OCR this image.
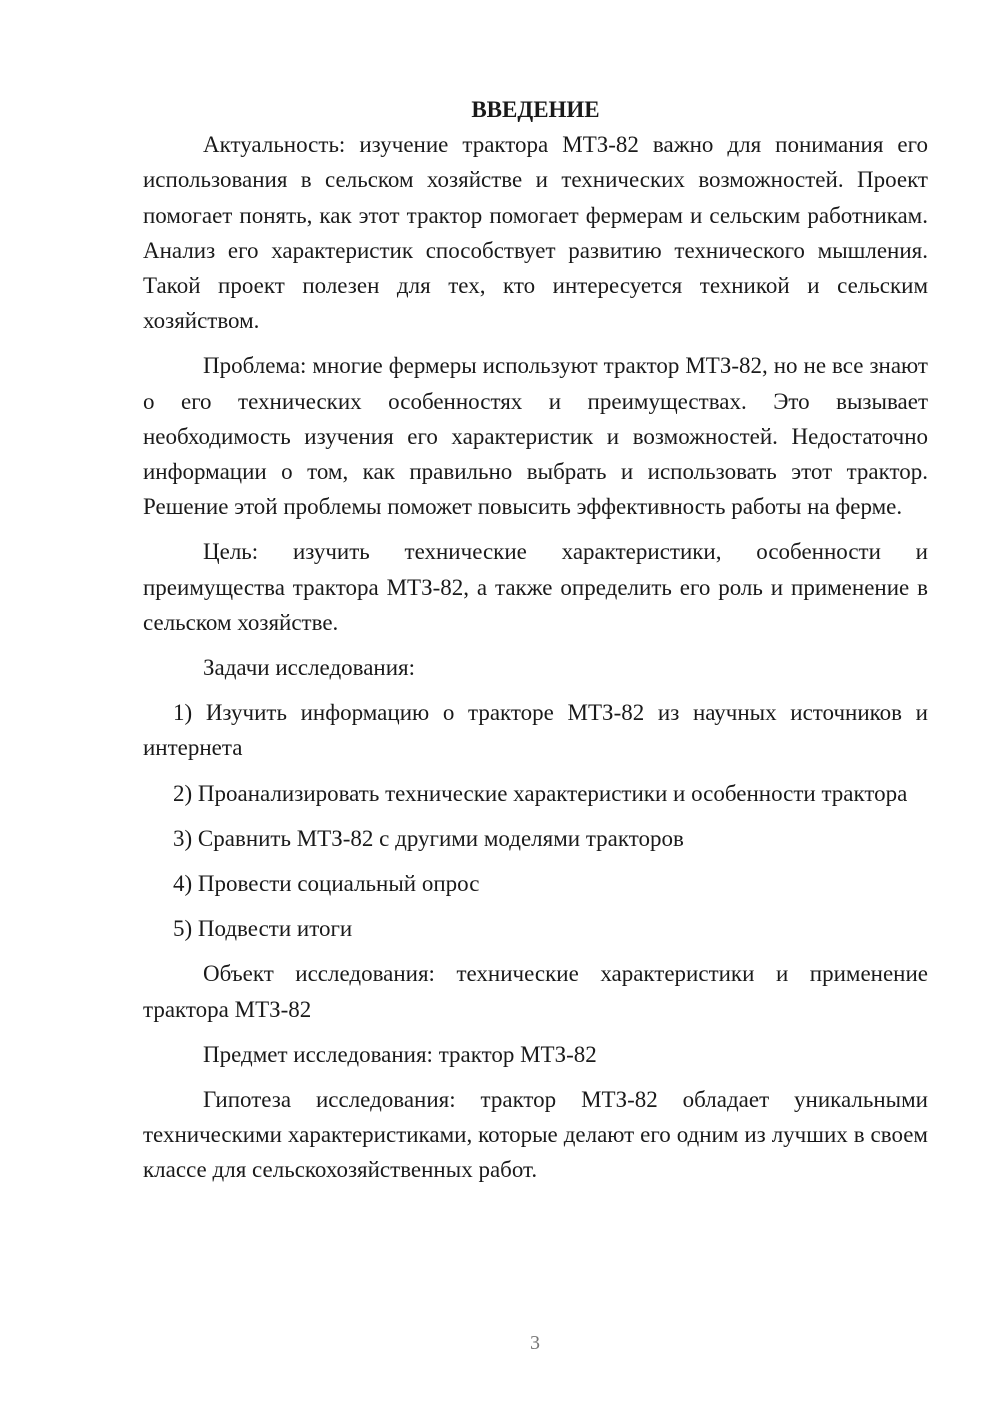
ВВЕДЕНИЕ

Актуальность: изучение трактора МТЗ-82 важно для понимания его использования в сельском хозяйстве и технических возможностей. Проект помогает понять, как этот трактор помогает фермерам и сельским работникам. Анализ его характеристик способствует развитию технического мышления. Такой проект полезен для тех, кто интересуется техникой и сельским хозяйством.

Проблема: многие фермеры используют трактор МТЗ-82, но не все знают о его технических особенностях и преимуществах. Это вызывает необходимость изучения его характеристик и возможностей. Недостаточно информации о том, как правильно выбрать и использовать этот трактор. Решение этой проблемы поможет повысить эффективность работы на ферме.

Цель: изучить технические характеристики, особенности и преимущества трактора МТЗ-82, а также определить его роль и применение в сельском хозяйстве.

Задачи исследования:

1) Изучить информацию о тракторе МТЗ-82 из научных источников и интернета

2) Проанализировать технические характеристики и особенности трактора

3) Сравнить МТЗ-82 с другими моделями тракторов

4) Провести социальный опрос

5) Подвести итоги

Объект исследования: технические характеристики и применение трактора МТЗ-82

Предмет исследования: трактор МТЗ-82

Гипотеза исследования: трактор МТЗ-82 обладает уникальными техническими характеристиками, которые делают его одним из лучших в своем классе для сельскохозяйственных работ.

3
